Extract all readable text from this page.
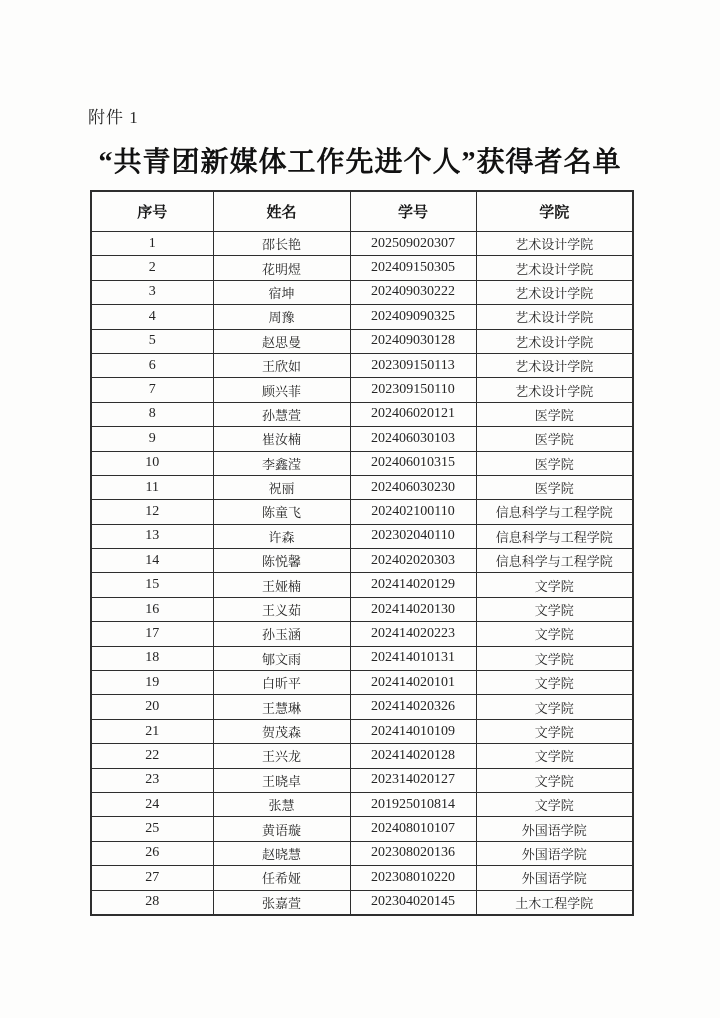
附件 1
“共青团新媒体工作先进个人”获得者名单
序号	姓名	学号	学院
1	邵长艳	202509020307	艺术设计学院
2	花明煜	202409150305	艺术设计学院
3	宿坤	202409030222	艺术设计学院
4	周豫	202409090325	艺术设计学院
5	赵思曼	202409030128	艺术设计学院
6	王欣如	202309150113	艺术设计学院
7	顾兴菲	202309150110	艺术设计学院
8	孙慧萱	202406020121	医学院
9	崔汝楠	202406030103	医学院
10	李鑫滢	202406010315	医学院
11	祝丽	202406030230	医学院
12	陈童飞	202402100110	信息科学与工程学院
13	许森	202302040110	信息科学与工程学院
14	陈悦馨	202402020303	信息科学与工程学院
15	王娅楠	202414020129	文学院
16	王义茹	202414020130	文学院
17	孙玉涵	202414020223	文学院
18	郇文雨	202414010131	文学院
19	白昕平	202414020101	文学院
20	王慧琳	202414020326	文学院
21	贺茂森	202414010109	文学院
22	王兴龙	202414020128	文学院
23	王晓卓	202314020127	文学院
24	张慧	201925010814	文学院
25	黄语璇	202408010107	外国语学院
26	赵晓慧	202308020136	外国语学院
27	任希娅	202308010220	外国语学院
28	张嘉萱	202304020145	土木工程学院
